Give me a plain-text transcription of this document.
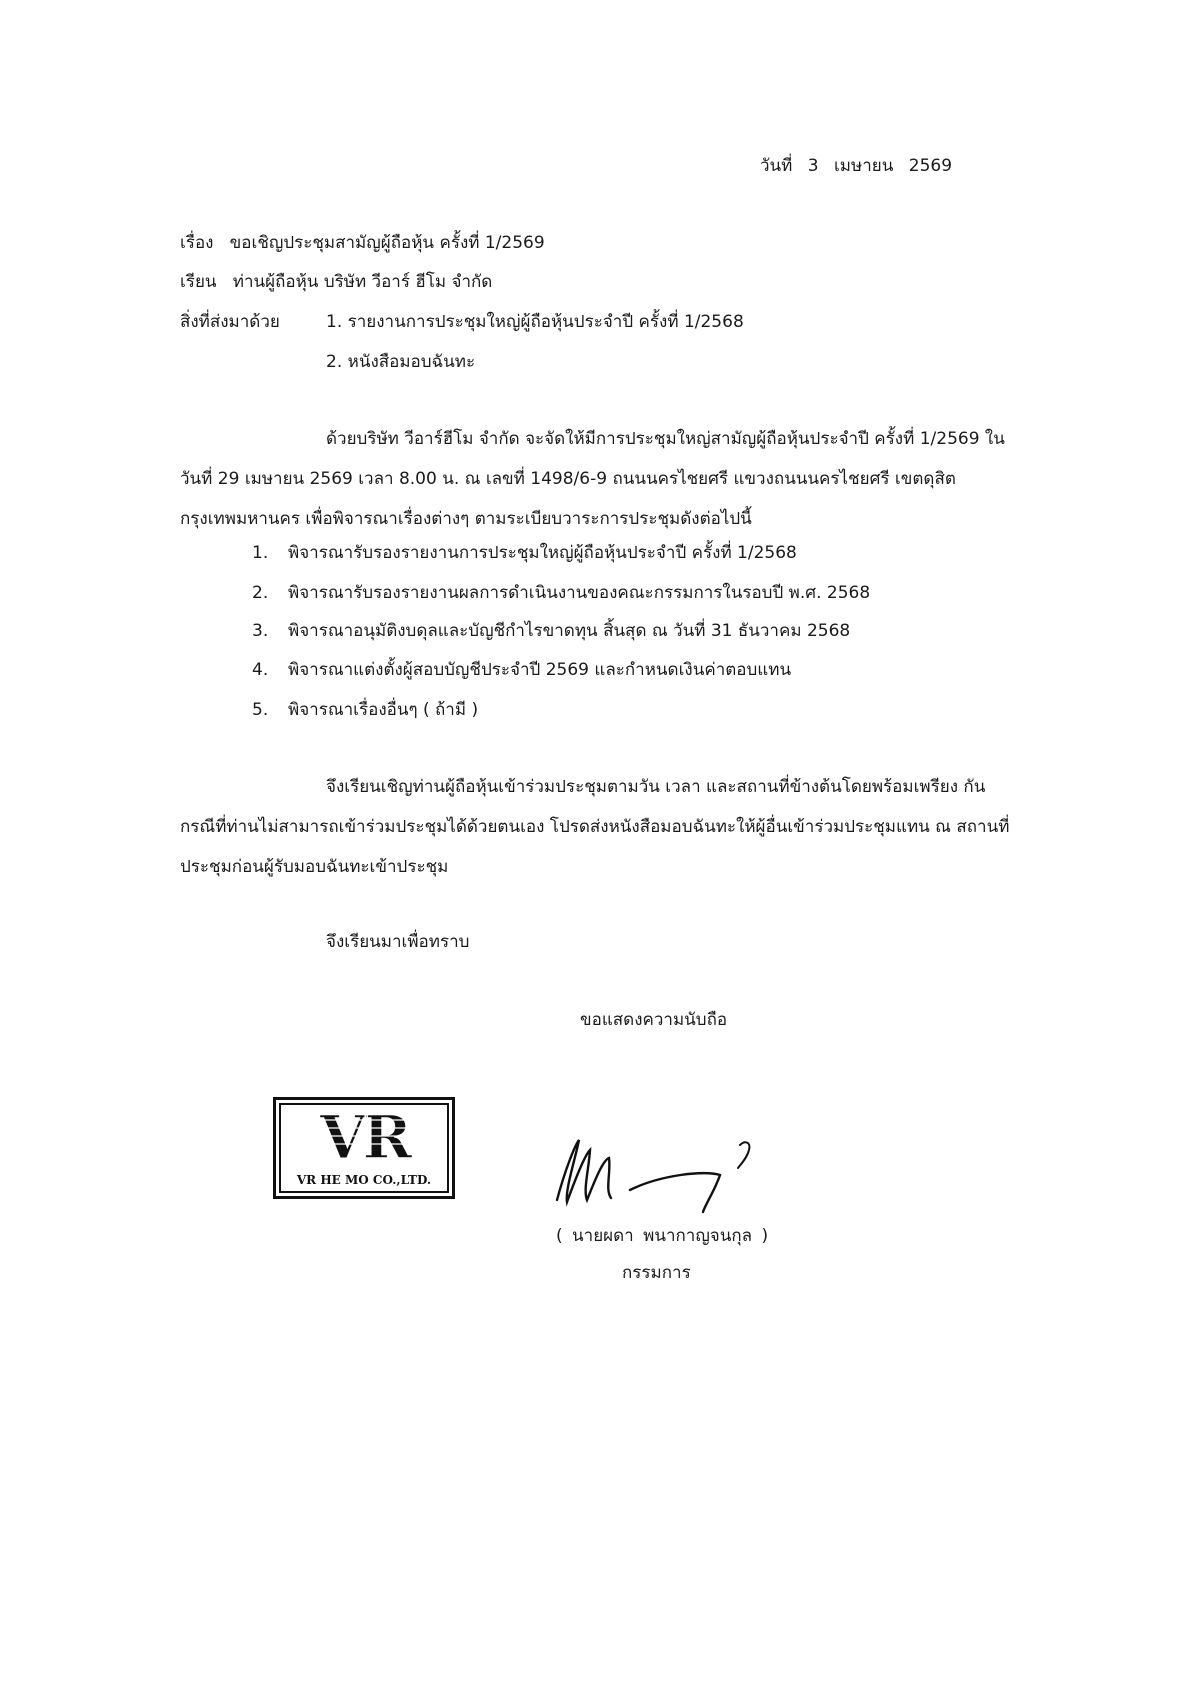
วันที่ 3 เมษายน 2569
เรื่อง ขอเชิญประชุมสามัญผู้ถือหุ้น ครั้งที่ 1/2569
เรียน ท่านผู้ถือหุ้น บริษัท วีอาร์ ฮีโม จำกัด
สิ่งที่ส่งมาด้วย	1. รายงานการประชุมใหญ่ผู้ถือหุ้นประจำปี ครั้งที่ 1/2568
2. หนังสือมอบฉันทะ
ด้วยบริษัท วีอาร์ฮีโม จำกัด จะจัดให้มีการประชุมใหญ่สามัญผู้ถือหุ้นประจำปี ครั้งที่ 1/2569 ในวันที่ 29 เมษายน 2569 เวลา 8.00 น. ณ เลขที่ 1498/6-9 ถนนนครไชยศรี แขวงถนนนครไชยศรี เขตดุสิต กรุงเทพมหานคร เพื่อพิจารณาเรื่องต่างๆ ตามระเบียบวาระการประชุมดังต่อไปนี้
1. พิจารณารับรองรายงานการประชุมใหญ่ผู้ถือหุ้นประจำปี ครั้งที่ 1/2568
2. พิจารณารับรองรายงานผลการดำเนินงานของคณะกรรมการในรอบปี พ.ศ. 2568
3. พิจารณาอนุมัติงบดุลและบัญชีกำไรขาดทุน สิ้นสุด ณ วันที่ 31 ธันวาคม 2568
4. พิจารณาแต่งตั้งผู้สอบบัญชีประจำปี 2569 และกำหนดเงินค่าตอบแทน
5. พิจารณาเรื่องอื่นๆ ( ถ้ามี )
จึงเรียนเชิญท่านผู้ถือหุ้นเข้าร่วมประชุมตามวัน เวลา และสถานที่ข้างต้นโดยพร้อมเพรียง กันกรณีที่ท่านไม่สามารถเข้าร่วมประชุมได้ด้วยตนเอง โปรดส่งหนังสือมอบฉันทะให้ผู้อื่นเข้าร่วมประชุมแทน ณ สถานที่ประชุมก่อนผู้รับมอบฉันทะเข้าประชุม
จึงเรียนมาเพื่อทราบ
ขอแสดงความนับถือ
VR
VR HE MO CO.,LTD.
( นายผดา พนากาญจนกุล )
กรรมการ
